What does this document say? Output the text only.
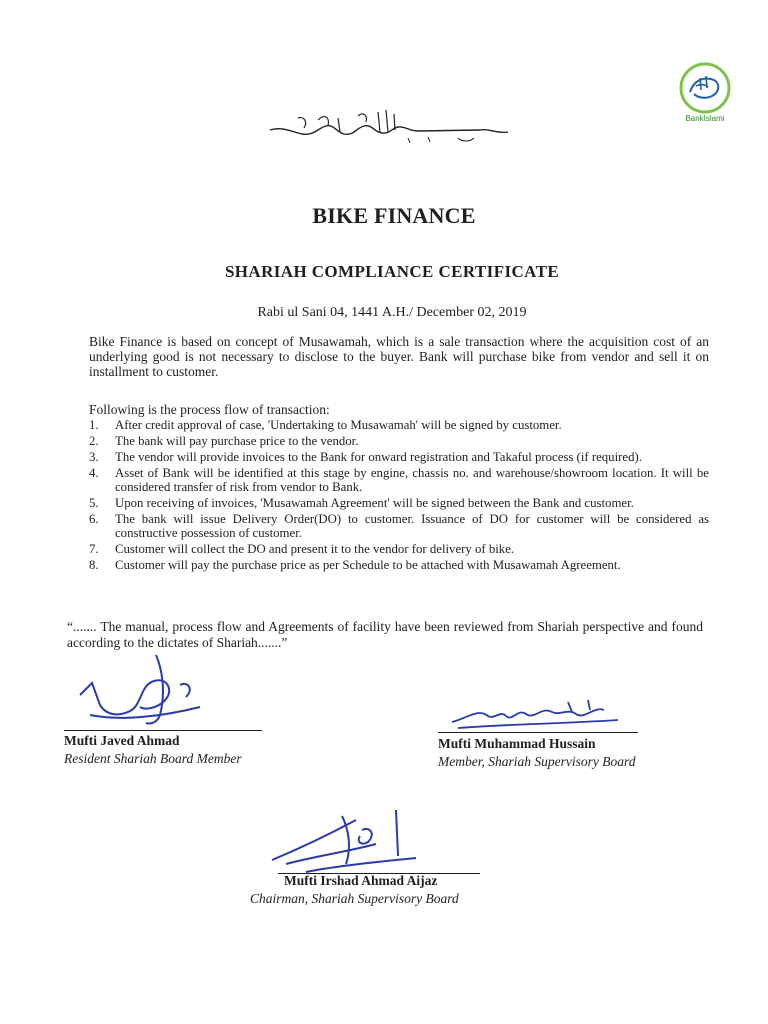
BankIslami
BIKE FINANCE
SHARIAH COMPLIANCE CERTIFICATE
Rabi ul Sani 04, 1441 A.H./ December 02, 2019
Bike Finance is based on concept of Musawamah, which is a sale transaction where the acquisition cost of an underlying good is not necessary to disclose to the buyer. Bank will purchase bike from vendor and sell it on installment to customer.
Following is the process flow of transaction:
1. After credit approval of case, 'Undertaking to Musawamah' will be signed by customer.
2. The bank will pay purchase price to the vendor.
3. The vendor will provide invoices to the Bank for onward registration and Takaful process (if required).
4. Asset of Bank will be identified at this stage by engine, chassis no. and warehouse/showroom location. It will be considered transfer of risk from vendor to Bank.
5. Upon receiving of invoices, 'Musawamah Agreement' will be signed between the Bank and customer.
6. The bank will issue Delivery Order(DO) to customer. Issuance of DO for customer will be considered as constructive possession of customer.
7. Customer will collect the DO and present it to the vendor for delivery of bike.
8. Customer will pay the purchase price as per Schedule to be attached with Musawamah Agreement.
“....... The manual, process flow and Agreements of facility have been reviewed from Shariah perspective and found according to the dictates of Shariah.......”
Mufti Javed Ahmad
Resident Shariah Board Member
Mufti Muhammad Hussain
Member, Shariah Supervisory Board
Mufti Irshad Ahmad Aijaz
Chairman, Shariah Supervisory Board
